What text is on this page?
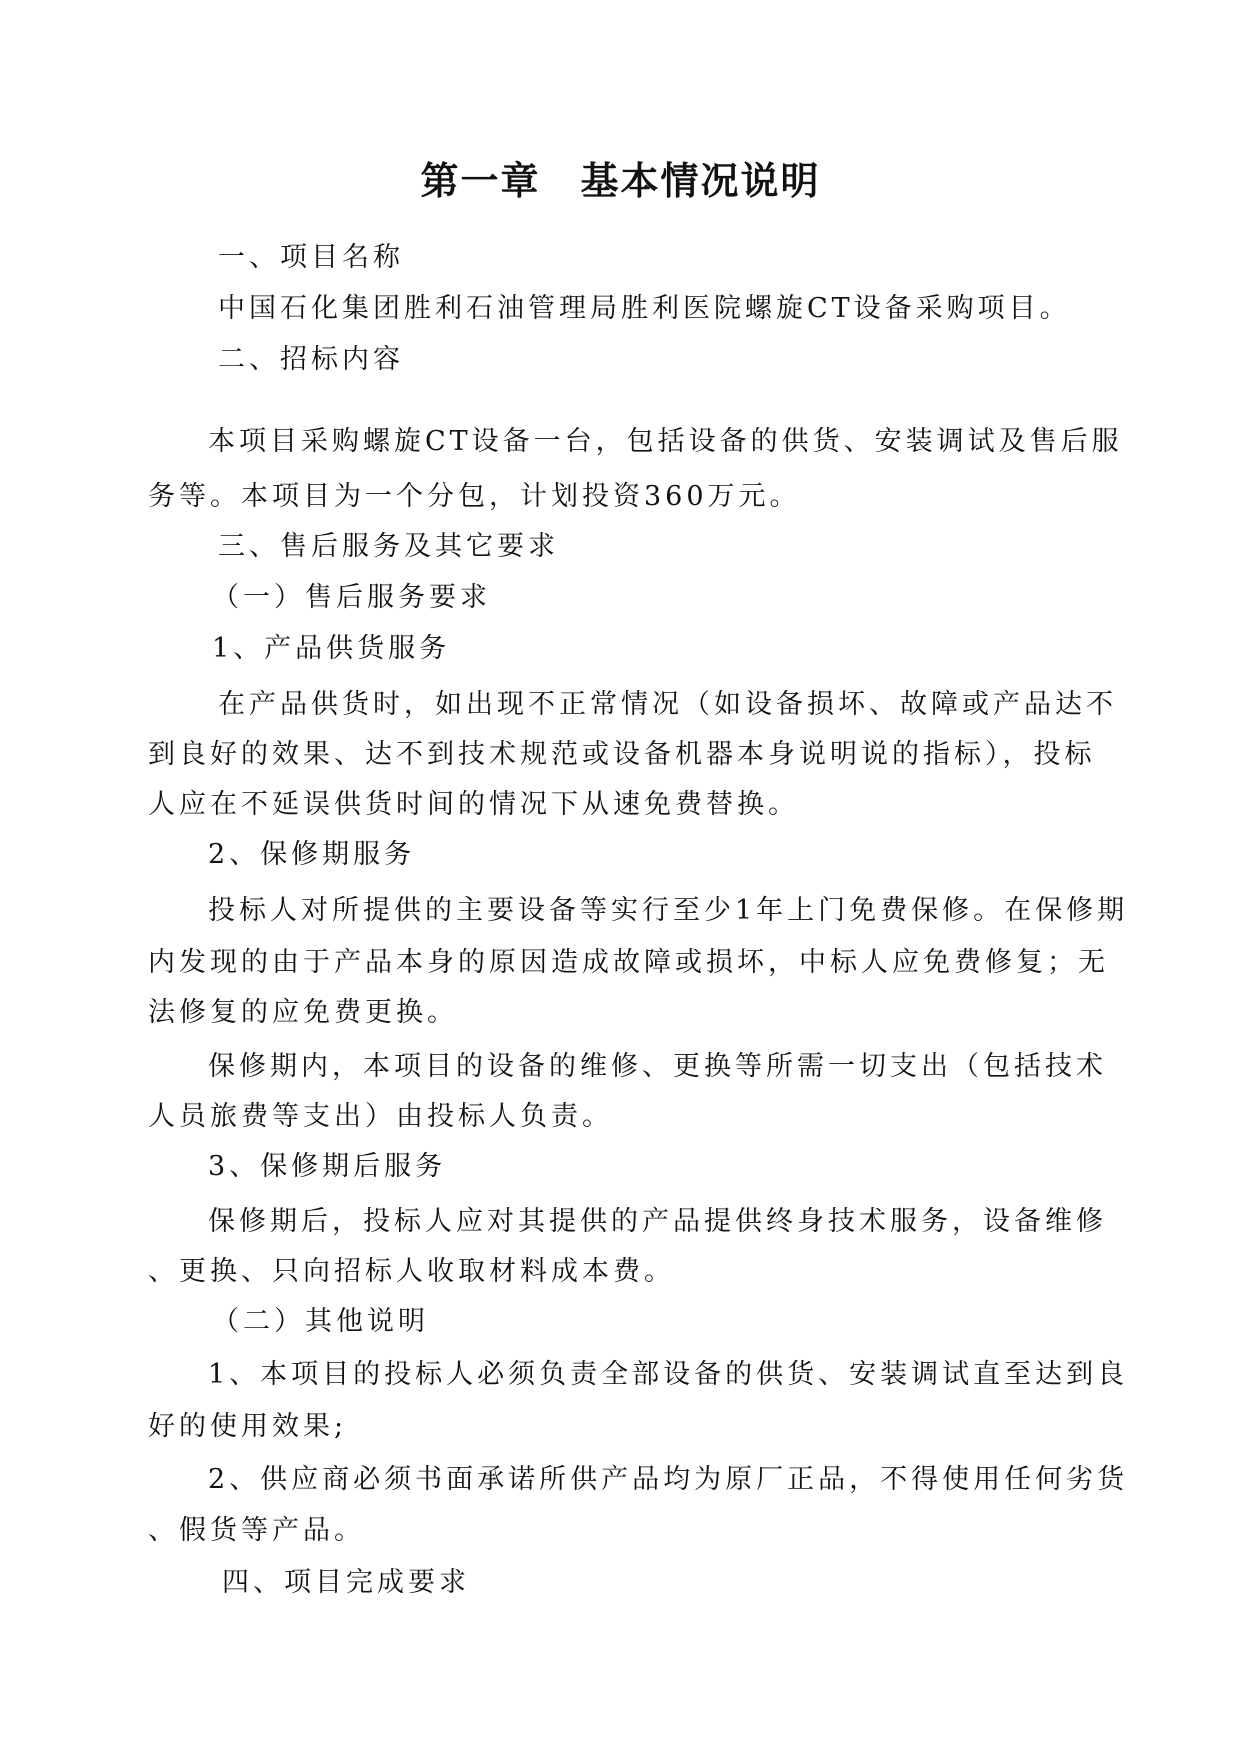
第一章　基本情况说明
一、项目名称
中国石化集团胜利石油管理局胜利医院螺旋CT设备采购项目。
二、招标内容
本项目采购螺旋CT设备一台，包括设备的供货、安装调试及售后服
务等。本项目为一个分包，计划投资360万元。
三、售后服务及其它要求
（一）售后服务要求
1、产品供货服务
在产品供货时，如出现不正常情况（如设备损坏、故障或产品达不
到良好的效果、达不到技术规范或设备机器本身说明说的指标），投标
人应在不延误供货时间的情况下从速免费替换。
2、保修期服务
投标人对所提供的主要设备等实行至少1年上门免费保修。在保修期
内发现的由于产品本身的原因造成故障或损坏，中标人应免费修复；无
法修复的应免费更换。
保修期内，本项目的设备的维修、更换等所需一切支出（包括技术
人员旅费等支出）由投标人负责。
3、保修期后服务
保修期后，投标人应对其提供的产品提供终身技术服务，设备维修
、更换、只向招标人收取材料成本费。
（二）其他说明
1、本项目的投标人必须负责全部设备的供货、安装调试直至达到良
好的使用效果;
2、供应商必须书面承诺所供产品均为原厂正品，不得使用任何劣货
、假货等产品。
四、项目完成要求
